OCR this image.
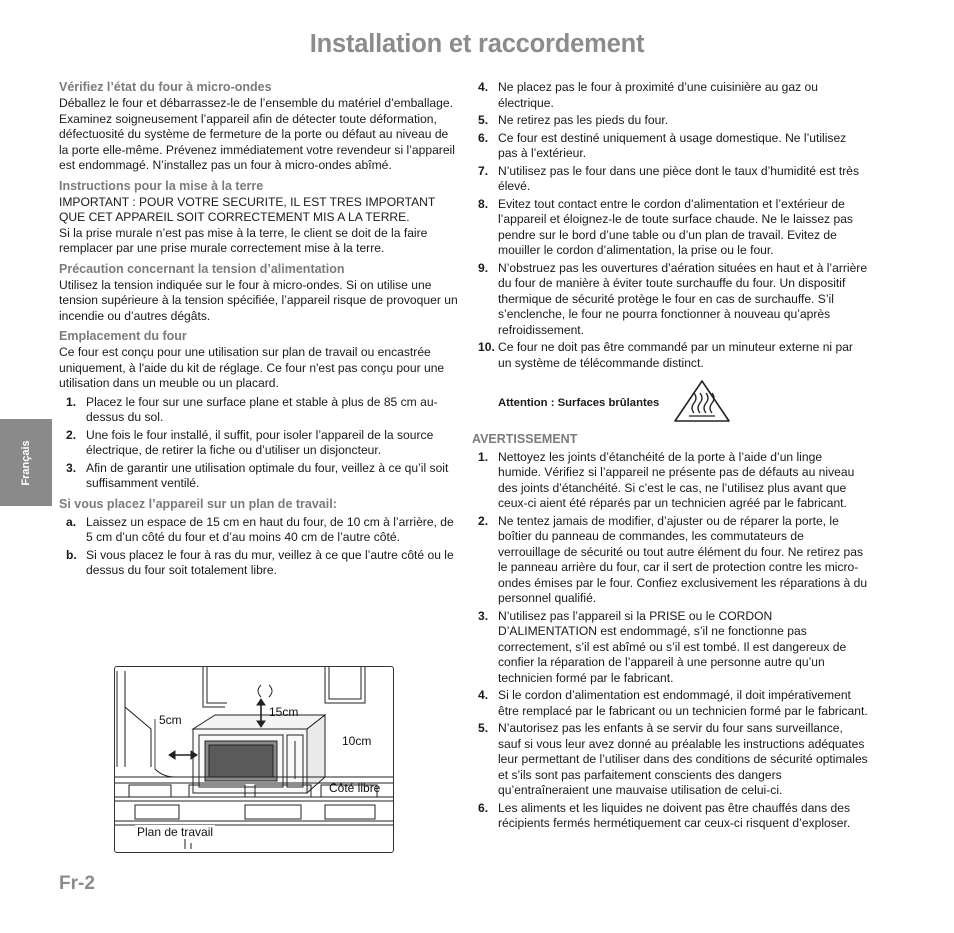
Installation et raccordement
Français
Vérifiez l’état du four à micro-ondes

Déballez le four et débarrassez-le de l’ensemble du matériel d’emballage. Examinez soigneusement l’appareil afin de détecter toute déformation, défectuosité du système de fermeture de la porte ou défaut au niveau de la porte elle-même. Prévenez immédiatement votre revendeur si l’appareil est endommagé. N’installez pas un four à micro-ondes abîmé.

Instructions pour la mise à la terre

IMPORTANT : POUR VOTRE SECURITE, IL EST TRES IMPORTANT QUE CET APPAREIL SOIT CORRECTEMENT MIS A LA TERRE.

Si la prise murale n’est pas mise à la terre, le client se doit de la faire remplacer par une prise murale correctement mise à la terre.

Précaution concernant la tension d’alimentation

Utilisez la tension indiquée sur le four à micro-ondes. Si on utilise une tension supérieure à la tension spécifiée, l’appareil risque de provoquer un incendie ou d’autres dégâts.

Emplacement du four

Ce four est conçu pour une utilisation sur plan de travail ou encastrée uniquement, à l'aide du kit de réglage. Ce four n'est pas conçu pour une utilisation dans un meuble ou un placard.

1. Placez le four sur une surface plane et stable à plus de 85 cm au-dessus du sol.
2. Une fois le four installé, il suffit, pour isoler l’appareil de la source électrique, de retirer la fiche ou d’utiliser un disjoncteur.
3. Afin de garantir une utilisation optimale du four, veillez à ce qu’il soit suffisamment ventilé.
Si vous placez l’appareil sur un plan de travail:
a. Laissez un espace de 15 cm en haut du four, de 10 cm à l’arrière, de 5 cm d’un côté du four et d’au moins 40 cm de l’autre côté.
b. Si vous placez le four à ras du mur, veillez à ce que l’autre côté ou le dessus du four soit totalement libre.
5cm
15cm
10cm
Côté libre
Plan de travail
4. Ne placez pas le four à proximité d’une cuisinière au gaz ou électrique.
5. Ne retirez pas les pieds du four.
6. Ce four est destiné uniquement à usage domestique. Ne l’utilisez pas à l’extérieur.
7. N’utilisez pas le four dans une pièce dont le taux d’humidité est très élevé.
8. Evitez tout contact entre le cordon d’alimentation et l’extérieur de l’appareil et éloignez-le de toute surface chaude. Ne le laissez pas pendre sur le bord d’une table ou d’un plan de travail. Evitez de mouiller le cordon d’alimentation, la prise ou le four.
9. N’obstruez pas les ouvertures d’aération situées en haut et à l’arrière du four de manière à éviter toute surchauffe du four. Un dispositif thermique de sécurité protège le four en cas de surchauffe. S’il s’enclenche, le four ne pourra fonctionner à nouveau qu’après refroidissement.
10. Ce four ne doit pas être commandé par un minuteur externe ni par un système de télécommande distinct.
Attention : Surfaces brûlantes
AVERTISSEMENT
1. Nettoyez les joints d’étanchéité de la porte à l’aide d’un linge humide. Vérifiez si l’appareil ne présente pas de défauts au niveau des joints d’étanchéité. Si c’est le cas, ne l’utilisez plus avant que ceux-ci aient été réparés par un technicien agréé par le fabricant.
2. Ne tentez jamais de modifier, d’ajuster ou de réparer la porte, le boîtier du panneau de commandes, les commutateurs de verrouillage de sécurité ou tout autre élément du four. Ne retirez pas le panneau arrière du four, car il sert de protection contre les micro-ondes émises par le four. Confiez exclusivement les réparations à du personnel qualifié.
3. N’utilisez pas l’appareil si la PRISE ou le CORDON D’ALIMENTATION est endommagé, s’il ne fonctionne pas correctement, s’il est abîmé ou s’il est tombé. Il est dangereux de confier la réparation de l’appareil à une personne autre qu’un technicien formé par le fabricant.
4. Si le cordon d’alimentation est endommagé, il doit impérativement être remplacé par le fabricant ou un technicien formé par le fabricant.
5. N’autorisez pas les enfants à se servir du four sans surveillance, sauf si vous leur avez donné au préalable les instructions adéquates leur permettant de l’utiliser dans des conditions de sécurité optimales et s’ils sont pas parfaitement conscients des dangers qu’entraîneraient une mauvaise utilisation de celui-ci.
6. Les aliments et les liquides ne doivent pas être chauffés dans des récipients fermés hermétiquement car ceux-ci risquent d’exploser.
Fr-2
